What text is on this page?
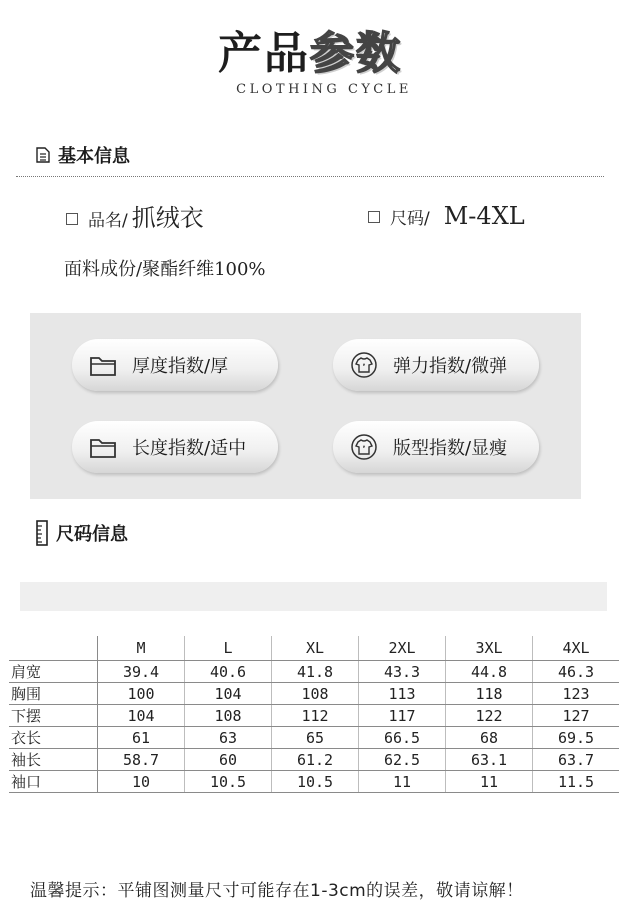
产品参数
CLOTHING CYCLE
基本信息
品名/ 抓绒衣	尺码/ M-4XL
面料成份/聚酯纤维100%
厚度指数/厚	弹力指数/微弹
长度指数/适中	版型指数/显瘦
尺码信息
	M	L	XL	2XL	3XL	4XL
肩宽	39.4	40.6	41.8	43.3	44.8	46.3
胸围	100	104	108	113	118	123
下摆	104	108	112	117	122	127
衣长	61	63	65	66.5	68	69.5
袖长	58.7	60	61.2	62.5	63.1	63.7
袖口	10	10.5	10.5	11	11	11.5
温馨提示：平铺图测量尺寸可能存在1-3cm的误差，敬请谅解！
